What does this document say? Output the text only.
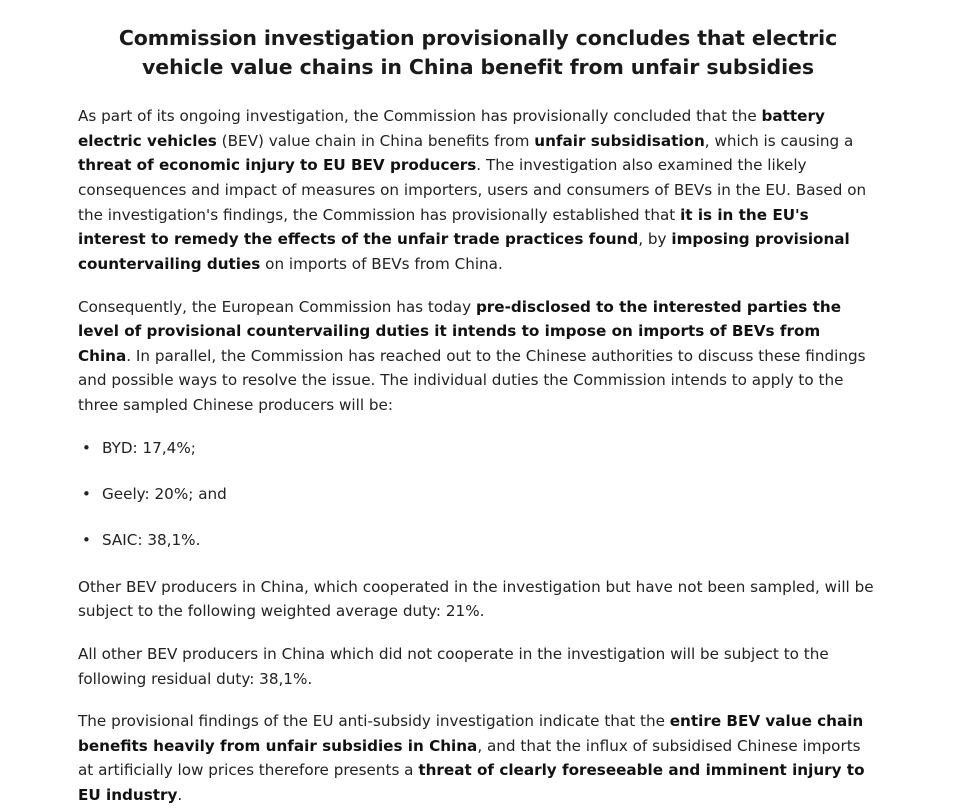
Commission investigation provisionally concludes that electric vehicle value chains in China benefit from unfair subsidies

As part of its ongoing investigation, the Commission has provisionally concluded that the battery electric vehicles (BEV) value chain in China benefits from unfair subsidisation, which is causing a threat of economic injury to EU BEV producers. The investigation also examined the likely consequences and impact of measures on importers, users and consumers of BEVs in the EU. Based on the investigation's findings, the Commission has provisionally established that it is in the EU's interest to remedy the effects of the unfair trade practices found, by imposing provisional countervailing duties on imports of BEVs from China.

Consequently, the European Commission has today pre-disclosed to the interested parties the level of provisional countervailing duties it intends to impose on imports of BEVs from China. In parallel, the Commission has reached out to the Chinese authorities to discuss these findings and possible ways to resolve the issue. The individual duties the Commission intends to apply to the three sampled Chinese producers will be:

• BYD: 17,4%;
• Geely: 20%; and
• SAIC: 38,1%.

Other BEV producers in China, which cooperated in the investigation but have not been sampled, will be subject to the following weighted average duty: 21%.

All other BEV producers in China which did not cooperate in the investigation will be subject to the following residual duty: 38,1%.

The provisional findings of the EU anti-subsidy investigation indicate that the entire BEV value chain benefits heavily from unfair subsidies in China, and that the influx of subsidised Chinese imports at artificially low prices therefore presents a threat of clearly foreseeable and imminent injury to EU industry.
